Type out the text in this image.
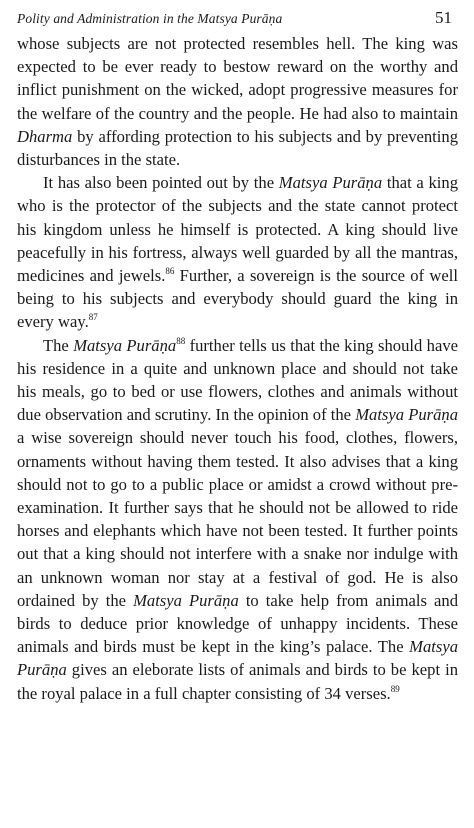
Polity and Administration in the Matsya Purāṇa	51

whose subjects are not protected resembles hell. The king was expected to be ever ready to bestow reward on the worthy and inflict punishment on the wicked, adopt progressive measures for the welfare of the country and the people. He had also to maintain Dharma by affording protection to his subjects and by preventing disturbances in the state.

It has also been pointed out by the Matsya Purāṇa that a king who is the protector of the subjects and the state cannot protect his kingdom unless he himself is protected. A king should live peacefully in his fortress, always well guarded by all the mantras, medicines and jewels.$^{86}$ Further, a sovereign is the source of well being to his subjects and everybody should guard the king in every way.$^{87}$

The Matsya Purāṇa$^{88}$ further tells us that the king should have his residence in a quite and unknown place and should not take his meals, go to bed or use flowers, clothes and animals without due observation and scrutiny. In the opinion of the Matsya Purāṇa a wise sovereign should never touch his food, clothes, flowers, ornaments without having them tested. It also advises that a king should not to go to a public place or amidst a crowd without pre-examination. It further says that he should not be allowed to ride horses and elephants which have not been tested. It further points out that a king should not interfere with a snake nor indulge with an unknown woman nor stay at a festival of god. He is also ordained by the Matsya Purāṇa to take help from animals and birds to deduce prior knowledge of unhappy incidents. These animals and birds must be kept in the king’s palace. The Matsya Purāṇa gives an eleborate lists of animals and birds to be kept in the royal palace in a full chapter consisting of 34 verses.$^{89}$
